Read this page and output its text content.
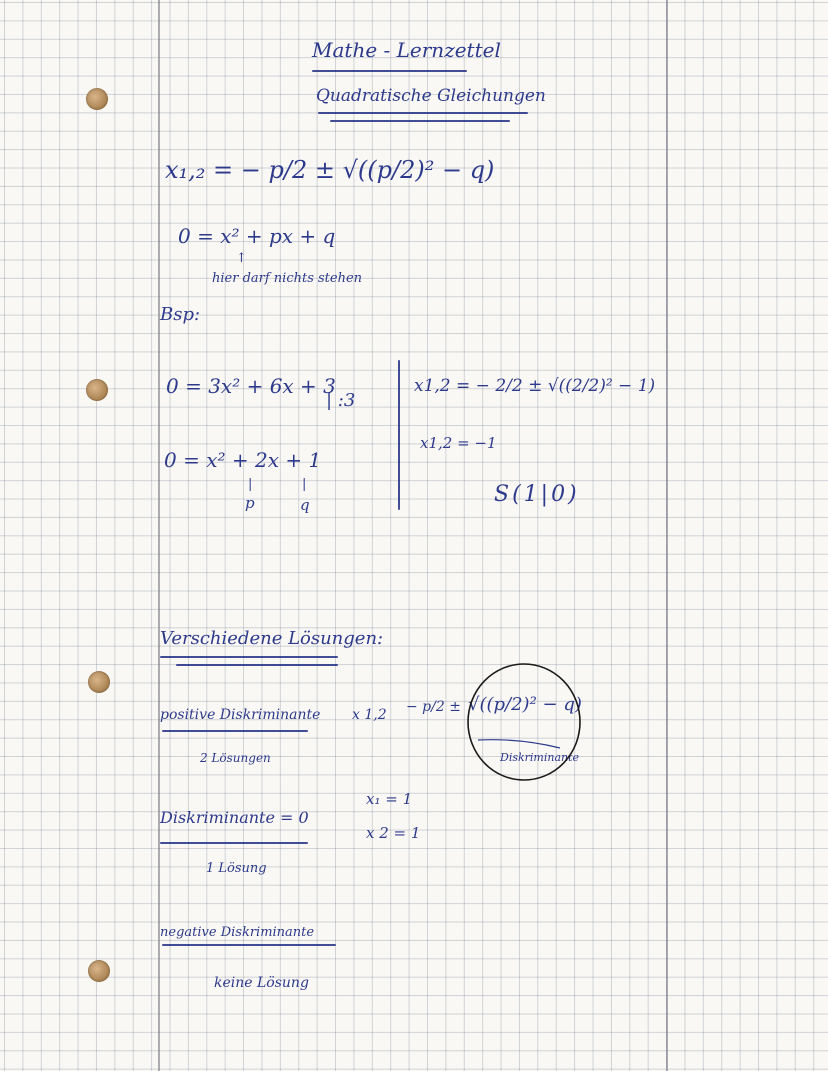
Mathe - Lernzettel
Quadratische Gleichungen
x₁,₂ = − p/2 ± √((p/2)² − q)
0 = x² + px + q
↑
hier darf nichts stehen
Bsp:
0 = 3x² + 6x + 3
| :3
0 = x² + 2x + 1
|	|
p	q
x1,2 = − 2/2 ± √((2/2)² − 1)
x1,2 = −1
S(1|0)
Verschiedene Lösungen:
positive Diskriminante
2 Lösungen
x 1,2 − p/2 ± √((p/2)² − q)
Diskriminante
Diskriminante = 0
1 Lösung
x₁ = 1
x 2 = 1
negative Diskriminante
keine Lösung
